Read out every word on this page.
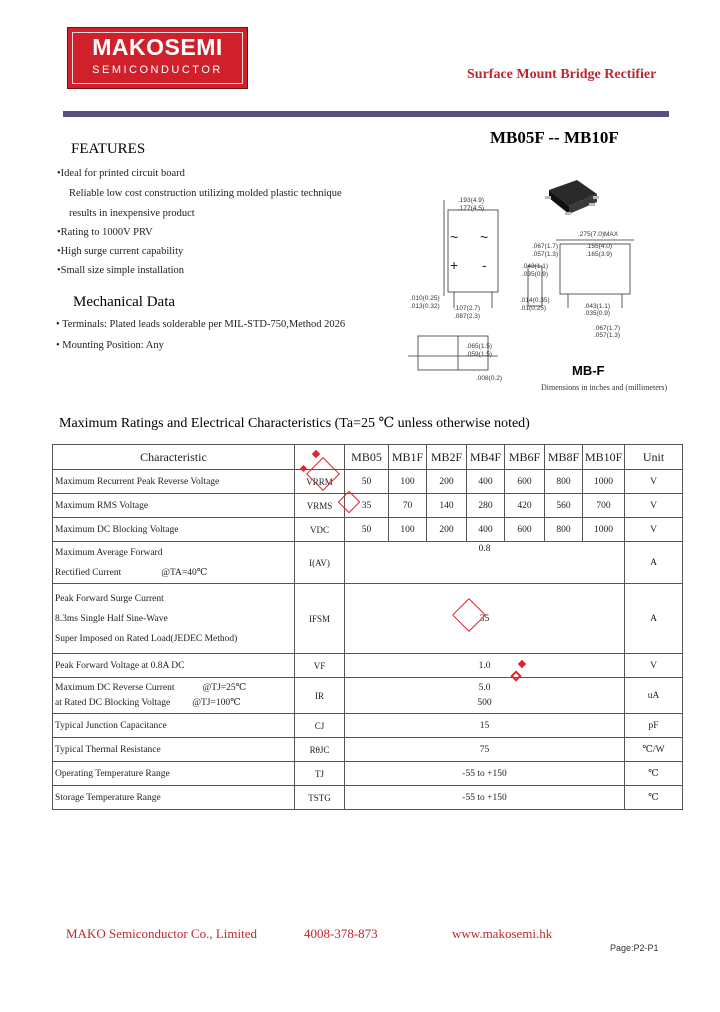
MAKOSEMI
SEMICONDUCTOR	Surface Mount Bridge Rectifier
MB05F -- MB10F
FEATURES
•Ideal for printed circuit board
Reliable low cost construction utilizing molded plastic technique
results in inexpensive product
•Rating to 1000V PRV
•High surge current capability
•Small size simple installation
Mechanical Data
• Terminals: Plated leads solderable per MIL-STD-750,Method 2026
• Mounting Position: Any
.193(4.9)
.177(4.5)
.275(7.0)MAX
.067(1.7)
.057(1.3)
.155(4.0)
.165(3.9)
.043(1.1)
.035(0.9)
.014(0.35)
.01(0.25)	.043(1.1)
.035(0.9)
.107(2.7)
.087(2.3)
.010(0.25)
.013(0.32)
.067(1.7)
.057(1.3)
.065(1.5)
.059(1.5)
.008(0.2)
~ ~
+ -
MB-F
Dimensions in inches and (millimeters)
Maximum Ratings and Electrical Characteristics (Ta=25 ℃ unless otherwise noted)
Characteristic		MB05	MB1F	MB2F	MB4F	MB6F	MB8F	MB10F	Unit
Maximum Recurrent Peak Reverse Voltage	VRRM	50	100	200	400	600	800	1000	V
Maximum RMS Voltage	VRMS	35	70	140	280	420	560	700	V
Maximum DC Blocking Voltage	VDC	50	100	200	400	600	800	1000	V

Maximum Average Forward
Rectified Current @TA=40℃	I(AV)	0.8							A

Peak Forward Surge Current
8.3ms Single Half Sine-Wave
Super Imposed on Rated Load(JEDEC Method)	IFSM	35							A
Peak Forward Voltage at 0.8A DC	VF	1.0							V

Maximum DC Reverse Current @TJ=25℃
at Rated DC Blocking Voltage @TJ=100℃	IR	5.0
500							uA
Typical Junction Capacitance	CJ	15							pF
Typical Thermal Resistance	RθJC	75							℃/W
Operating Temperature Range	TJ	-55 to +150							℃
Storage Temperature Range	TSTG	-55 to +150							℃
MAKO Semiconductor Co., Limited	4008-378-873	www.makosemi.hk
Page:P2-P1
